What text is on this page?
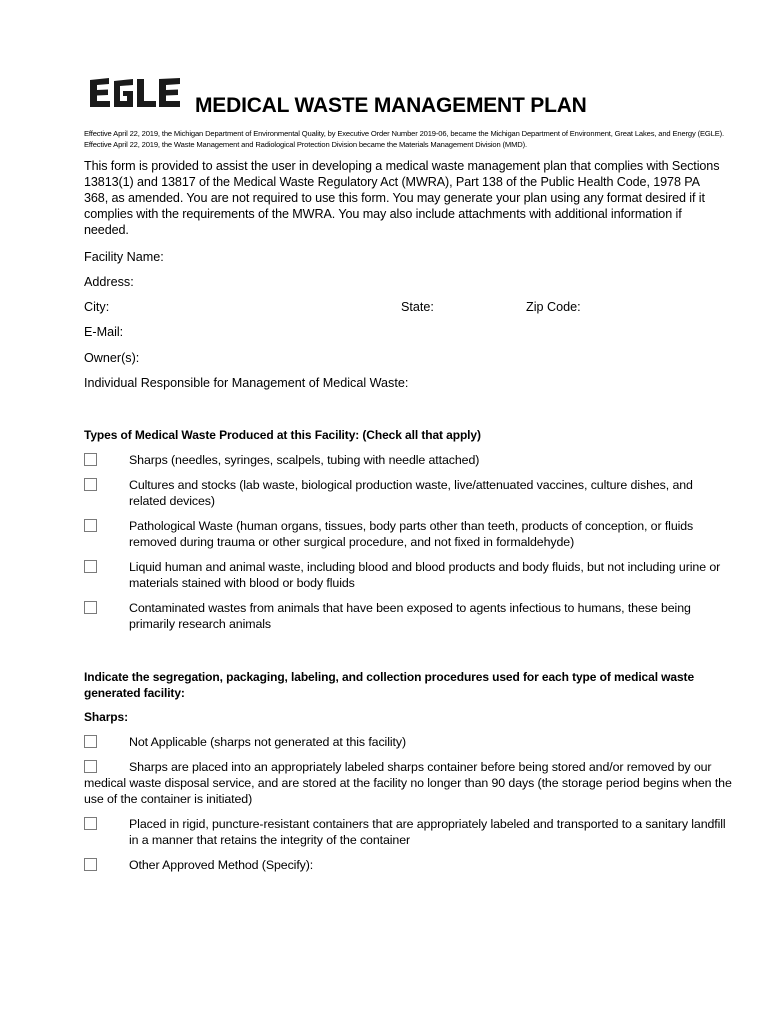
MEDICAL WASTE MANAGEMENT PLAN

Effective April 22, 2019, the Michigan Department of Environmental Quality, by Executive Order Number 2019-06, became the Michigan Department of Environment, Great Lakes, and Energy (EGLE). Effective April 22, 2019, the Waste Management and Radiological Protection Division became the Materials Management Division (MMD).

This form is provided to assist the user in developing a medical waste management plan that complies with Sections 13813(1) and 13817 of the Medical Waste Regulatory Act (MWRA), Part 138 of the Public Health Code, 1978 PA 368, as amended. You are not required to use this form. You may generate your plan using any format desired if it complies with the requirements of the MWRA. You may also include attachments with additional information if needed.

Facility Name:
Address:
City:	State:	Zip Code:
E-Mail:
Owner(s):
Individual Responsible for Management of Medical Waste:
Types of Medical Waste Produced at this Facility: (Check all that apply)
Sharps (needles, syringes, scalpels, tubing with needle attached)
Cultures and stocks (lab waste, biological production waste, live/attenuated vaccines, culture dishes, and related devices)
Pathological Waste (human organs, tissues, body parts other than teeth, products of conception, or fluids removed during trauma or other surgical procedure, and not fixed in formaldehyde)
Liquid human and animal waste, including blood and blood products and body fluids, but not including urine or materials stained with blood or body fluids
Contaminated wastes from animals that have been exposed to agents infectious to humans, these being primarily research animals
Indicate the segregation, packaging, labeling, and collection procedures used for each type of medical waste generated facility:
Sharps:
Not Applicable (sharps not generated at this facility)
Sharps are placed into an appropriately labeled sharps container before being stored and/or removed by our medical waste disposal service, and are stored at the facility no longer than 90 days (the storage period begins when the use of the container is initiated)
Placed in rigid, puncture-resistant containers that are appropriately labeled and transported to a sanitary landfill in a manner that retains the integrity of the container
Other Approved Method (Specify):
